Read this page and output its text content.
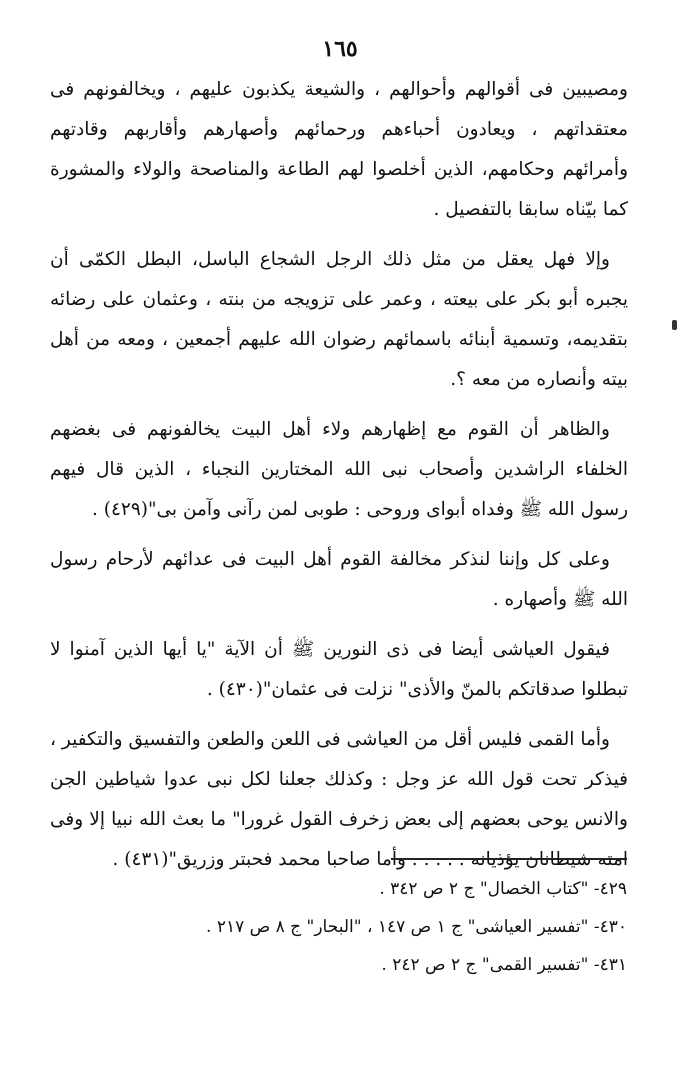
١٦٥

ومصيبين فى أقوالهم وأحوالهم ، والشيعة يكذبون عليهم ، ويخالفونهم فى معتقداتهم ، ويعادون أحباءهم ورحمائهم وأصهارهم وأقاربهم وقادتهم وأمرائهم وحكامهم، الذين أخلصوا لهم الطاعة والمناصحة والولاء والمشورة كما بيّناه سابقا بالتفصيل .

وإلا فهل يعقل من مثل ذلك الرجل الشجاع الباسل، البطل الكمّى أن يجبره أبو بكر على بيعته ، وعمر على تزويجه من بنته ، وعثمان على رضائه بتقديمه، وتسمية أبنائه باسمائهم رضوان الله عليهم أجمعين ، ومعه من أهل بيته وأنصاره من معه ؟.

والظاهر أن القوم مع إظهارهم ولاء أهل البيت يخالفونهم فى بغضهم الخلفاء الراشدين وأصحاب نبى الله المختارين النجباء ، الذين قال فيهم رسول الله ﷺ وفداه أبواى وروحى : طوبى لمن رآنى وآمن بى"(٤٢٩) .

وعلى كل وإننا لنذكر مخالفة القوم أهل البيت فى عدائهم لأرحام رسول الله ﷺ وأصهاره .

فيقول العياشى أيضا فى ذى النورين ﷺ أن الآية "يا أيها الذين آمنوا لا تبطلوا صدقاتكم بالمنّ والأذى" نزلت فى عثمان"(٤٣٠) .

وأما القمى فليس أقل من العياشى فى اللعن والطعن والتفسيق والتكفير ، فيذكر تحت قول الله عز وجل : وكذلك جعلنا لكل نبى عدوا شياطين الجن والانس يوحى بعضهم إلى بعض زخرف القول غرورا" ما بعث الله نبيا إلا وفى امته شيطانان يؤذيانه . . . . . وأما صاحبا محمد فحبتر وزريق"(٤٣١) .

٤٢٩- "كتاب الخصال" ج ٢ ص ٣٤٢ .
٤٣٠- "تفسير العياشى" ج ١ ص ١٤٧ ، "البحار" ج ٨ ص ٢١٧ .
٤٣١- "تفسير القمى" ج ٢ ص ٢٤٢ .
